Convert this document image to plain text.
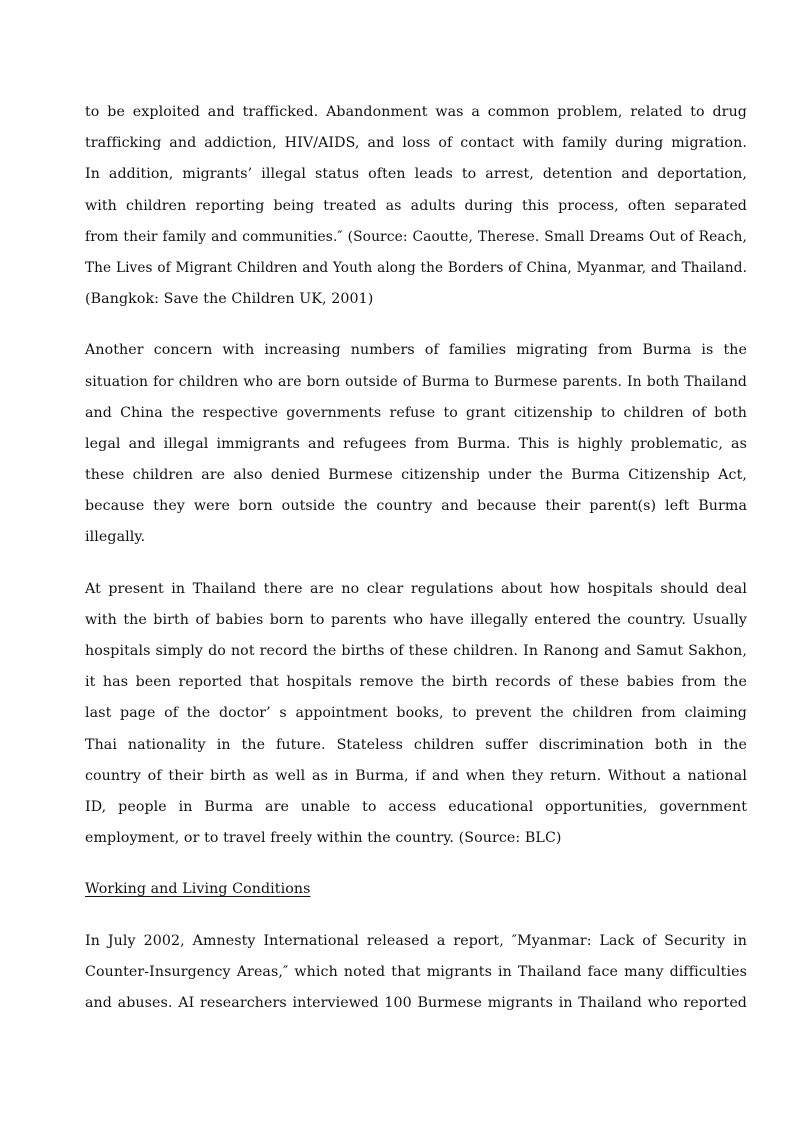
to be exploited and trafficked. Abandonment was a common problem, related to drug
trafficking and addiction, HIV/AIDS, and loss of contact with family during migration.
In addition, migrants’ illegal status often leads to arrest, detention and deportation,
with children reporting being treated as adults during this process, often separated
from their family and communities.″ (Source: Caoutte, Therese. Small Dreams Out of Reach,
The Lives of Migrant Children and Youth along the Borders of China, Myanmar, and Thailand.
(Bangkok: Save the Children UK, 2001)
Another concern with increasing numbers of families migrating from Burma is the
situation for children who are born outside of Burma to Burmese parents. In both Thailand
and China the respective governments refuse to grant citizenship to children of both
legal and illegal immigrants and refugees from Burma. This is highly problematic, as
these children are also denied Burmese citizenship under the Burma Citizenship Act,
because they were born outside the country and because their parent(s) left Burma
illegally.
At present in Thailand there are no clear regulations about how hospitals should deal
with the birth of babies born to parents who have illegally entered the country. Usually
hospitals simply do not record the births of these children. In Ranong and Samut Sakhon,
it has been reported that hospitals remove the birth records of these babies from the
last page of the doctor’ s appointment books, to prevent the children from claiming
Thai nationality in the future. Stateless children suffer discrimination both in the
country of their birth as well as in Burma, if and when they return. Without a national
ID, people in Burma are unable to access educational opportunities, government
employment, or to travel freely within the country. (Source: BLC)
Working and Living Conditions
In July 2002, Amnesty International released a report, ″Myanmar: Lack of Security in
Counter-Insurgency Areas,″ which noted that migrants in Thailand face many difficulties
and abuses. AI researchers interviewed 100 Burmese migrants in Thailand who reported
